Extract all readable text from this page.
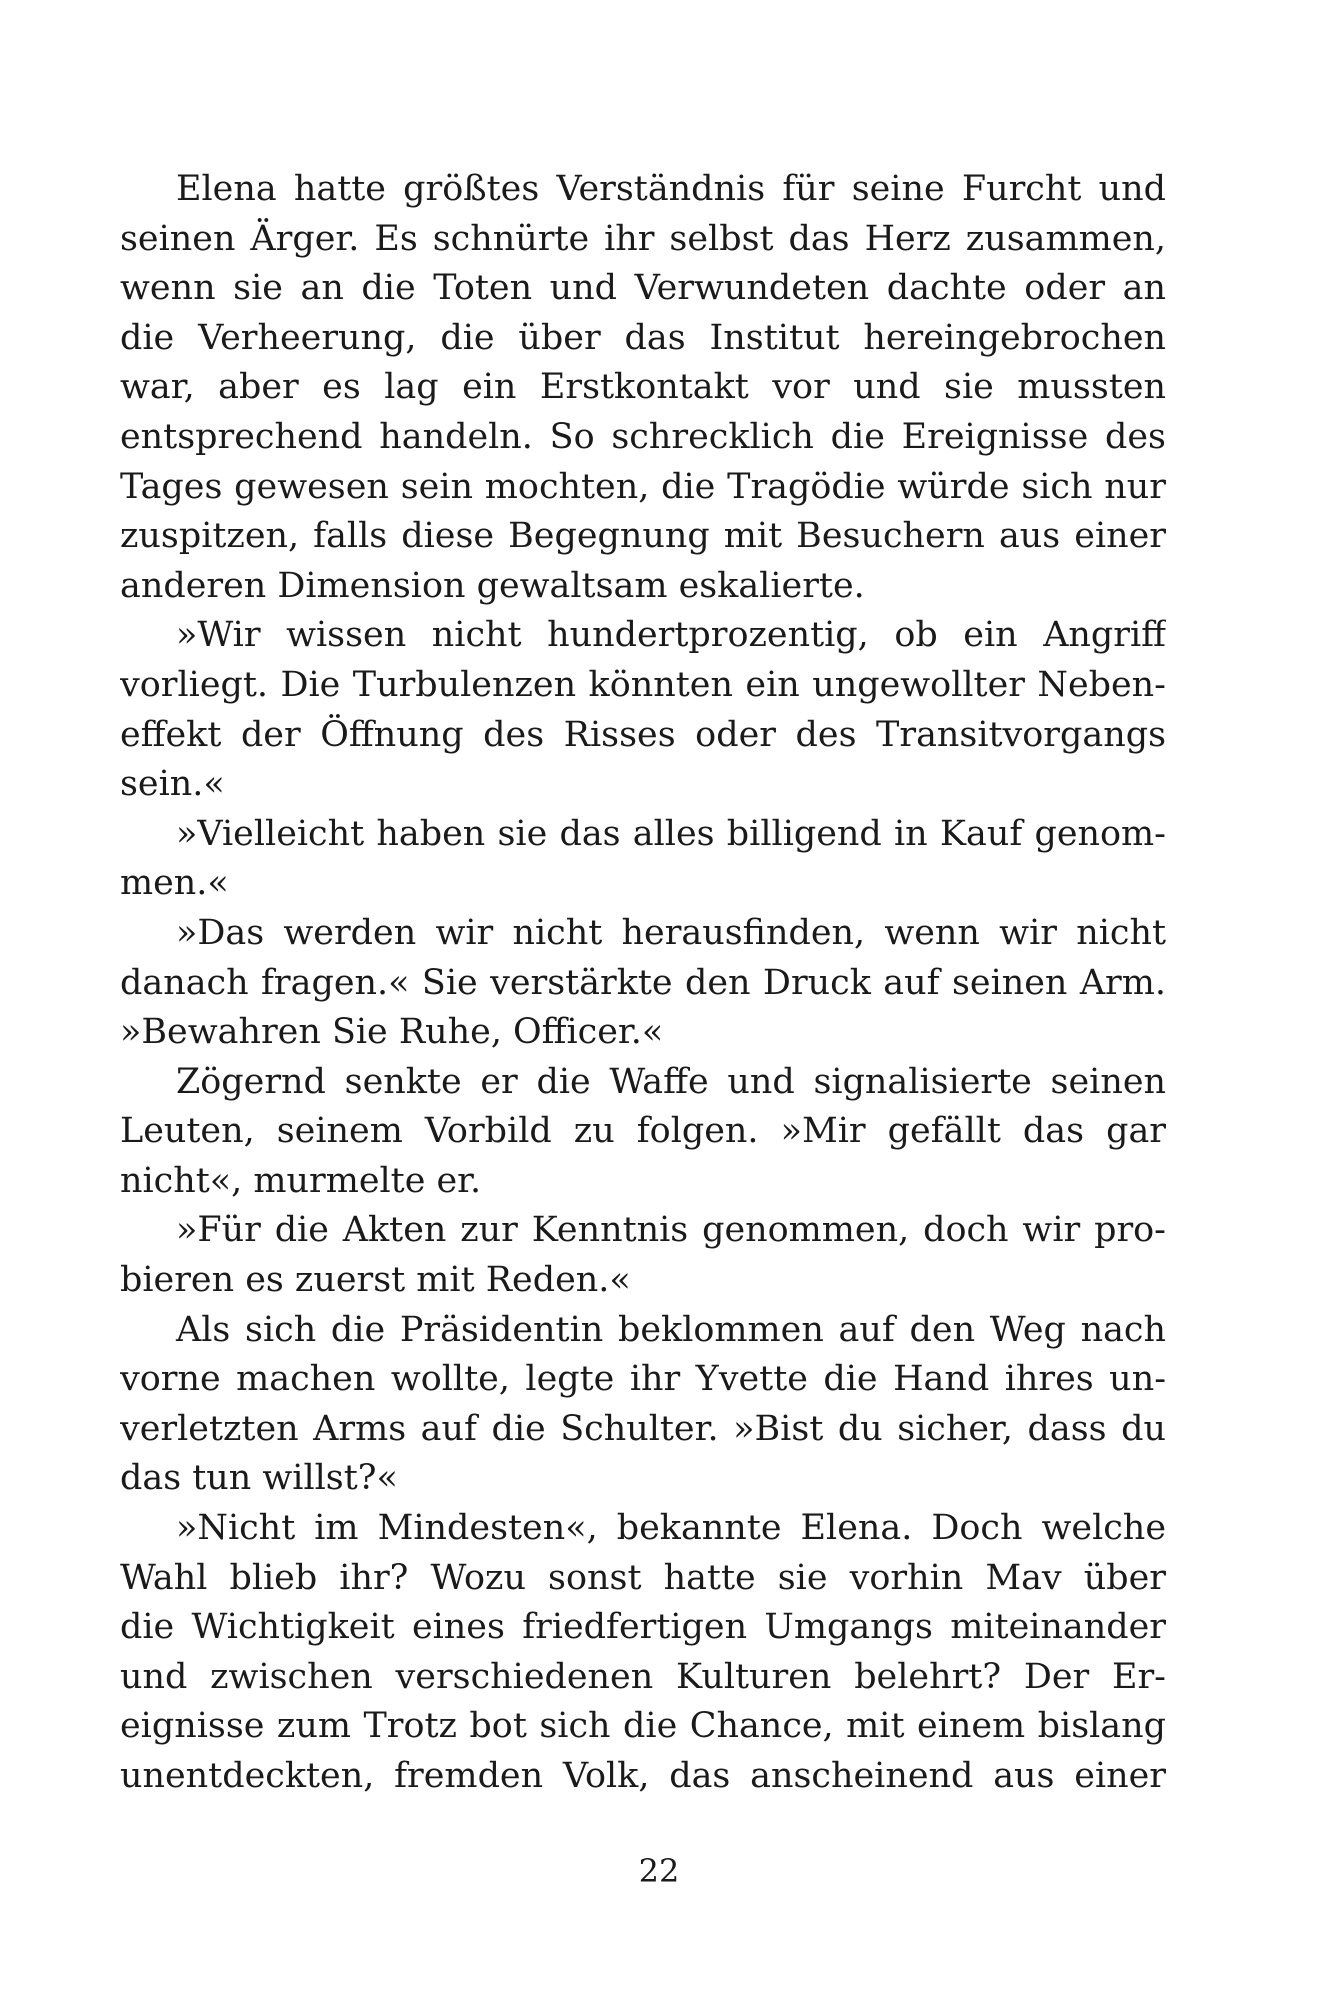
Elena hatte größtes Verständnis für seine Furcht und
seinen Ärger. Es schnürte ihr selbst das Herz zusammen,
wenn sie an die Toten und Verwundeten dachte oder an
die Verheerung, die über das Institut hereingebrochen
war, aber es lag ein Erstkontakt vor und sie mussten
entsprechend handeln. So schrecklich die Ereignisse des
Tages gewesen sein mochten, die Tragödie würde sich nur
zuspitzen, falls diese Begegnung mit Besuchern aus einer
anderen Dimension gewaltsam eskalierte.

»Wir wissen nicht hundertprozentig, ob ein Angriff
vorliegt. Die Turbulenzen könnten ein ungewollter Neben-
effekt der Öffnung des Risses oder des Transitvorgangs
sein.«

»Vielleicht haben sie das alles billigend in Kauf genom-
men.«

»Das werden wir nicht herausfinden, wenn wir nicht
danach fragen.« Sie verstärkte den Druck auf seinen Arm.
»Bewahren Sie Ruhe, Officer.«

Zögernd senkte er die Waffe und signalisierte seinen
Leuten, seinem Vorbild zu folgen. »Mir gefällt das gar
nicht«, murmelte er.

»Für die Akten zur Kenntnis genommen, doch wir pro-
bieren es zuerst mit Reden.«

Als sich die Präsidentin beklommen auf den Weg nach
vorne machen wollte, legte ihr Yvette die Hand ihres un-
verletzten Arms auf die Schulter. »Bist du sicher, dass du
das tun willst?«

»Nicht im Mindesten«, bekannte Elena. Doch welche
Wahl blieb ihr? Wozu sonst hatte sie vorhin Mav über
die Wichtigkeit eines friedfertigen Umgangs miteinander
und zwischen verschiedenen Kulturen belehrt? Der Er-
eignisse zum Trotz bot sich die Chance, mit einem bislang
unentdeckten, fremden Volk, das anscheinend aus einer

22
